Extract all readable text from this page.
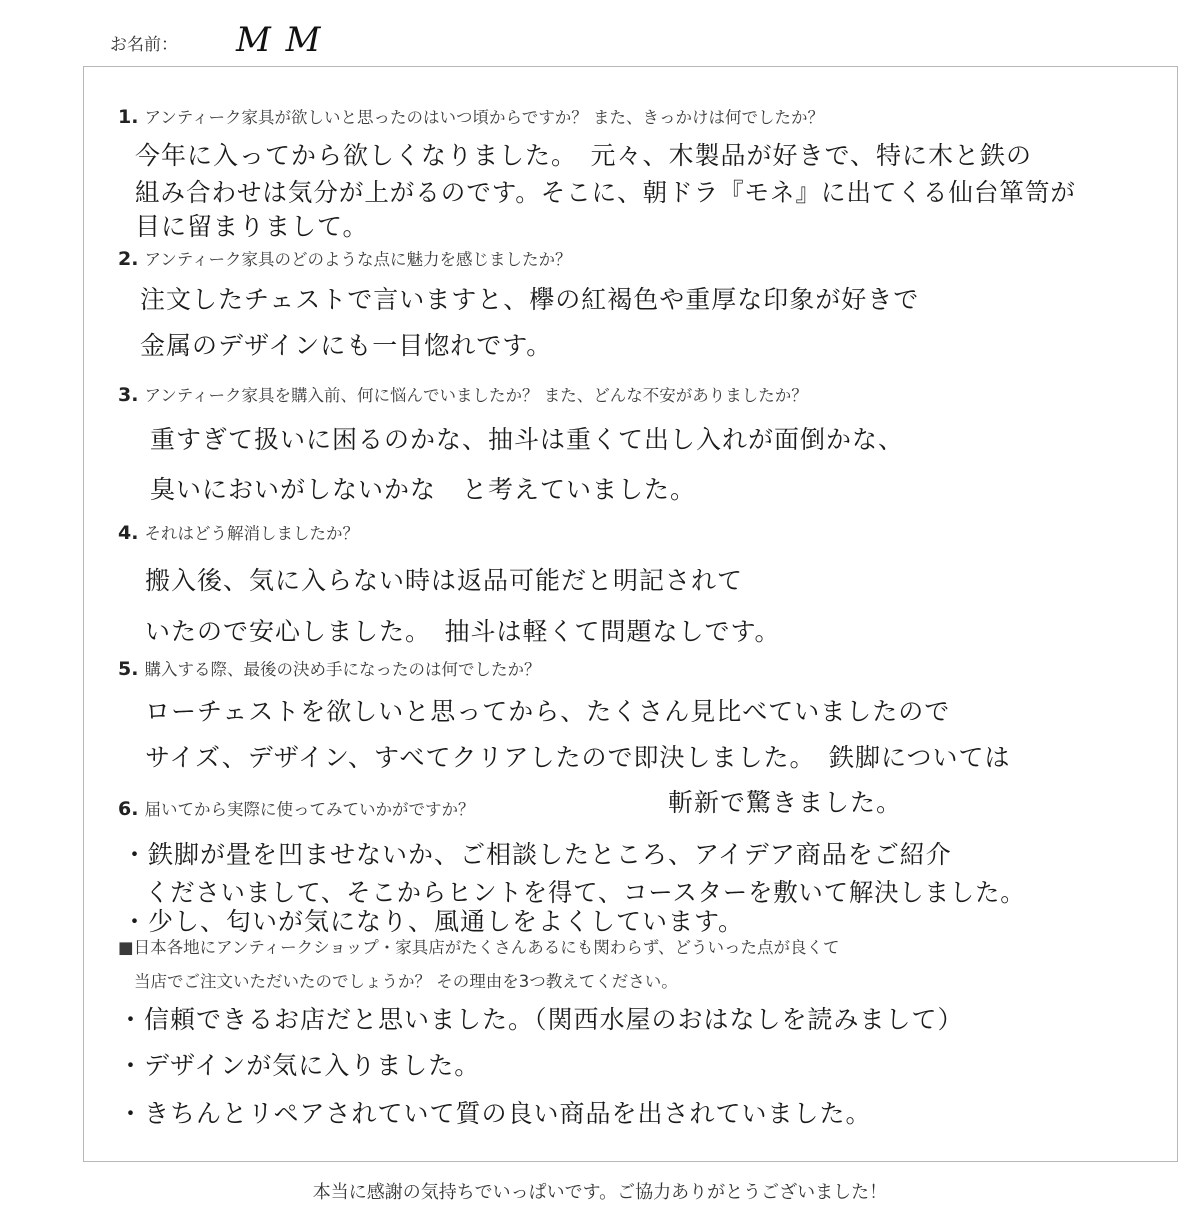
お名前： M M
1. アンティーク家具が欲しいと思ったのはいつ頃からですか？ また、きっかけは何でしたか？
今年に入ってから欲しくなりました。　元々、木製品が好きで、特に木と鉄の
組み合わせは気分が上がるのです。そこに、朝ドラ『モネ』に出てくる仙台箪笥が
目に留まりまして。
2. アンティーク家具のどのような点に魅力を感じましたか？
注文したチェストで言いますと、欅の紅褐色や重厚な印象が好きで
金属のデザインにも一目惚れです。
3. アンティーク家具を購入前、何に悩んでいましたか？ また、どんな不安がありましたか？
重すぎて扱いに困るのかな、抽斗は重くて出し入れが面倒かな、
臭いにおいがしないかな　と考えていました。
4. それはどう解消しましたか？
搬入後、気に入らない時は返品可能だと明記されて
いたので安心しました。　抽斗は軽くて問題なしです。
5. 購入する際、最後の決め手になったのは何でしたか？
ローチェストを欲しいと思ってから、たくさん見比べていましたので
サイズ、デザイン、すべてクリアしたので即決しました。　鉄脚については
斬新で驚きました。
6. 届いてから実際に使ってみていかがですか？
・鉄脚が畳を凹ませないか、ご相談したところ、アイデア商品をご紹介
くださいまして、そこからヒントを得て、コースターを敷いて解決しました。
・少し、匂いが気になり、風通しをよくしています。
■日本各地にアンティークショップ・家具店がたくさんあるにも関わらず、どういった点が良くて
当店でご注文いただいたのでしょうか？ その理由を3つ教えてください。
・信頼できるお店だと思いました。（関西水屋のおはなしを読みまして）
・デザインが気に入りました。
・きちんとリペアされていて質の良い商品を出されていました。
本当に感謝の気持ちでいっぱいです。ご協力ありがとうございました！
